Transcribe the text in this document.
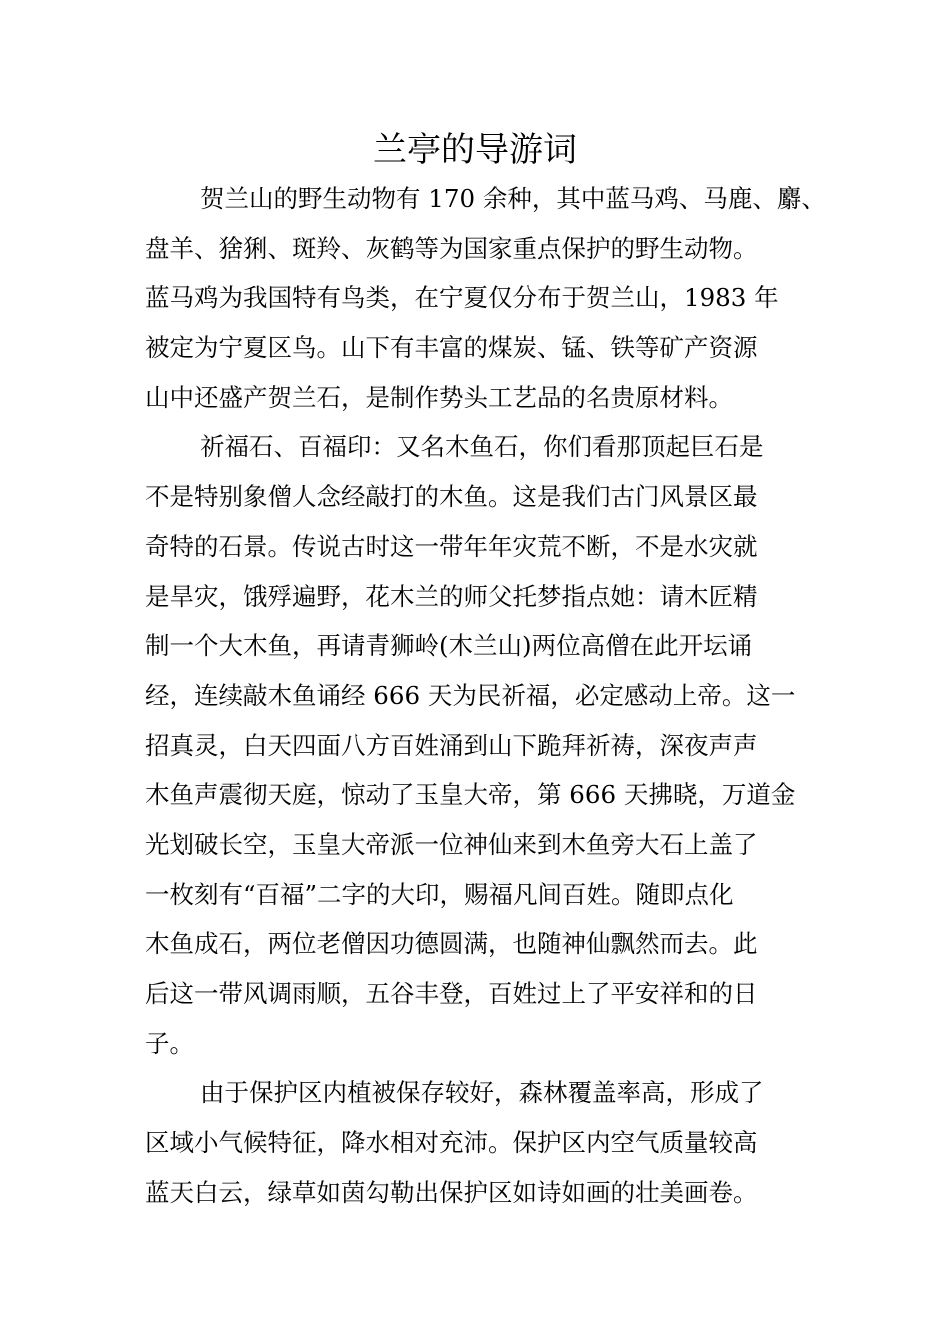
兰亭的导游词
贺兰山的野生动物有 170 余种，其中蓝马鸡、马鹿、麝、
盘羊、猞猁、斑羚、灰鹤等为国家重点保护的野生动物。
蓝马鸡为我国特有鸟类，在宁夏仅分布于贺兰山，1983 年
被定为宁夏区鸟。山下有丰富的煤炭、锰、铁等矿产资源
山中还盛产贺兰石，是制作势头工艺品的名贵原材料。
祈福石、百福印：又名木鱼石，你们看那顶起巨石是
不是特别象僧人念经敲打的木鱼。这是我们古门风景区最
奇特的石景。传说古时这一带年年灾荒不断，不是水灾就
是旱灾，饿殍遍野，花木兰的师父托梦指点她：请木匠精
制一个大木鱼，再请青狮岭(木兰山)两位高僧在此开坛诵
经，连续敲木鱼诵经 666 天为民祈福，必定感动上帝。这一
招真灵，白天四面八方百姓涌到山下跪拜祈祷，深夜声声
木鱼声震彻天庭，惊动了玉皇大帝，第 666 天拂晓，万道金
光划破长空，玉皇大帝派一位神仙来到木鱼旁大石上盖了
一枚刻有“百福”二字的大印，赐福凡间百姓。随即点化
木鱼成石，两位老僧因功德圆满，也随神仙飘然而去。此
后这一带风调雨顺，五谷丰登，百姓过上了平安祥和的日
子。
由于保护区内植被保存较好，森林覆盖率高，形成了
区域小气候特征，降水相对充沛。保护区内空气质量较高
蓝天白云，绿草如茵勾勒出保护区如诗如画的壮美画卷。
